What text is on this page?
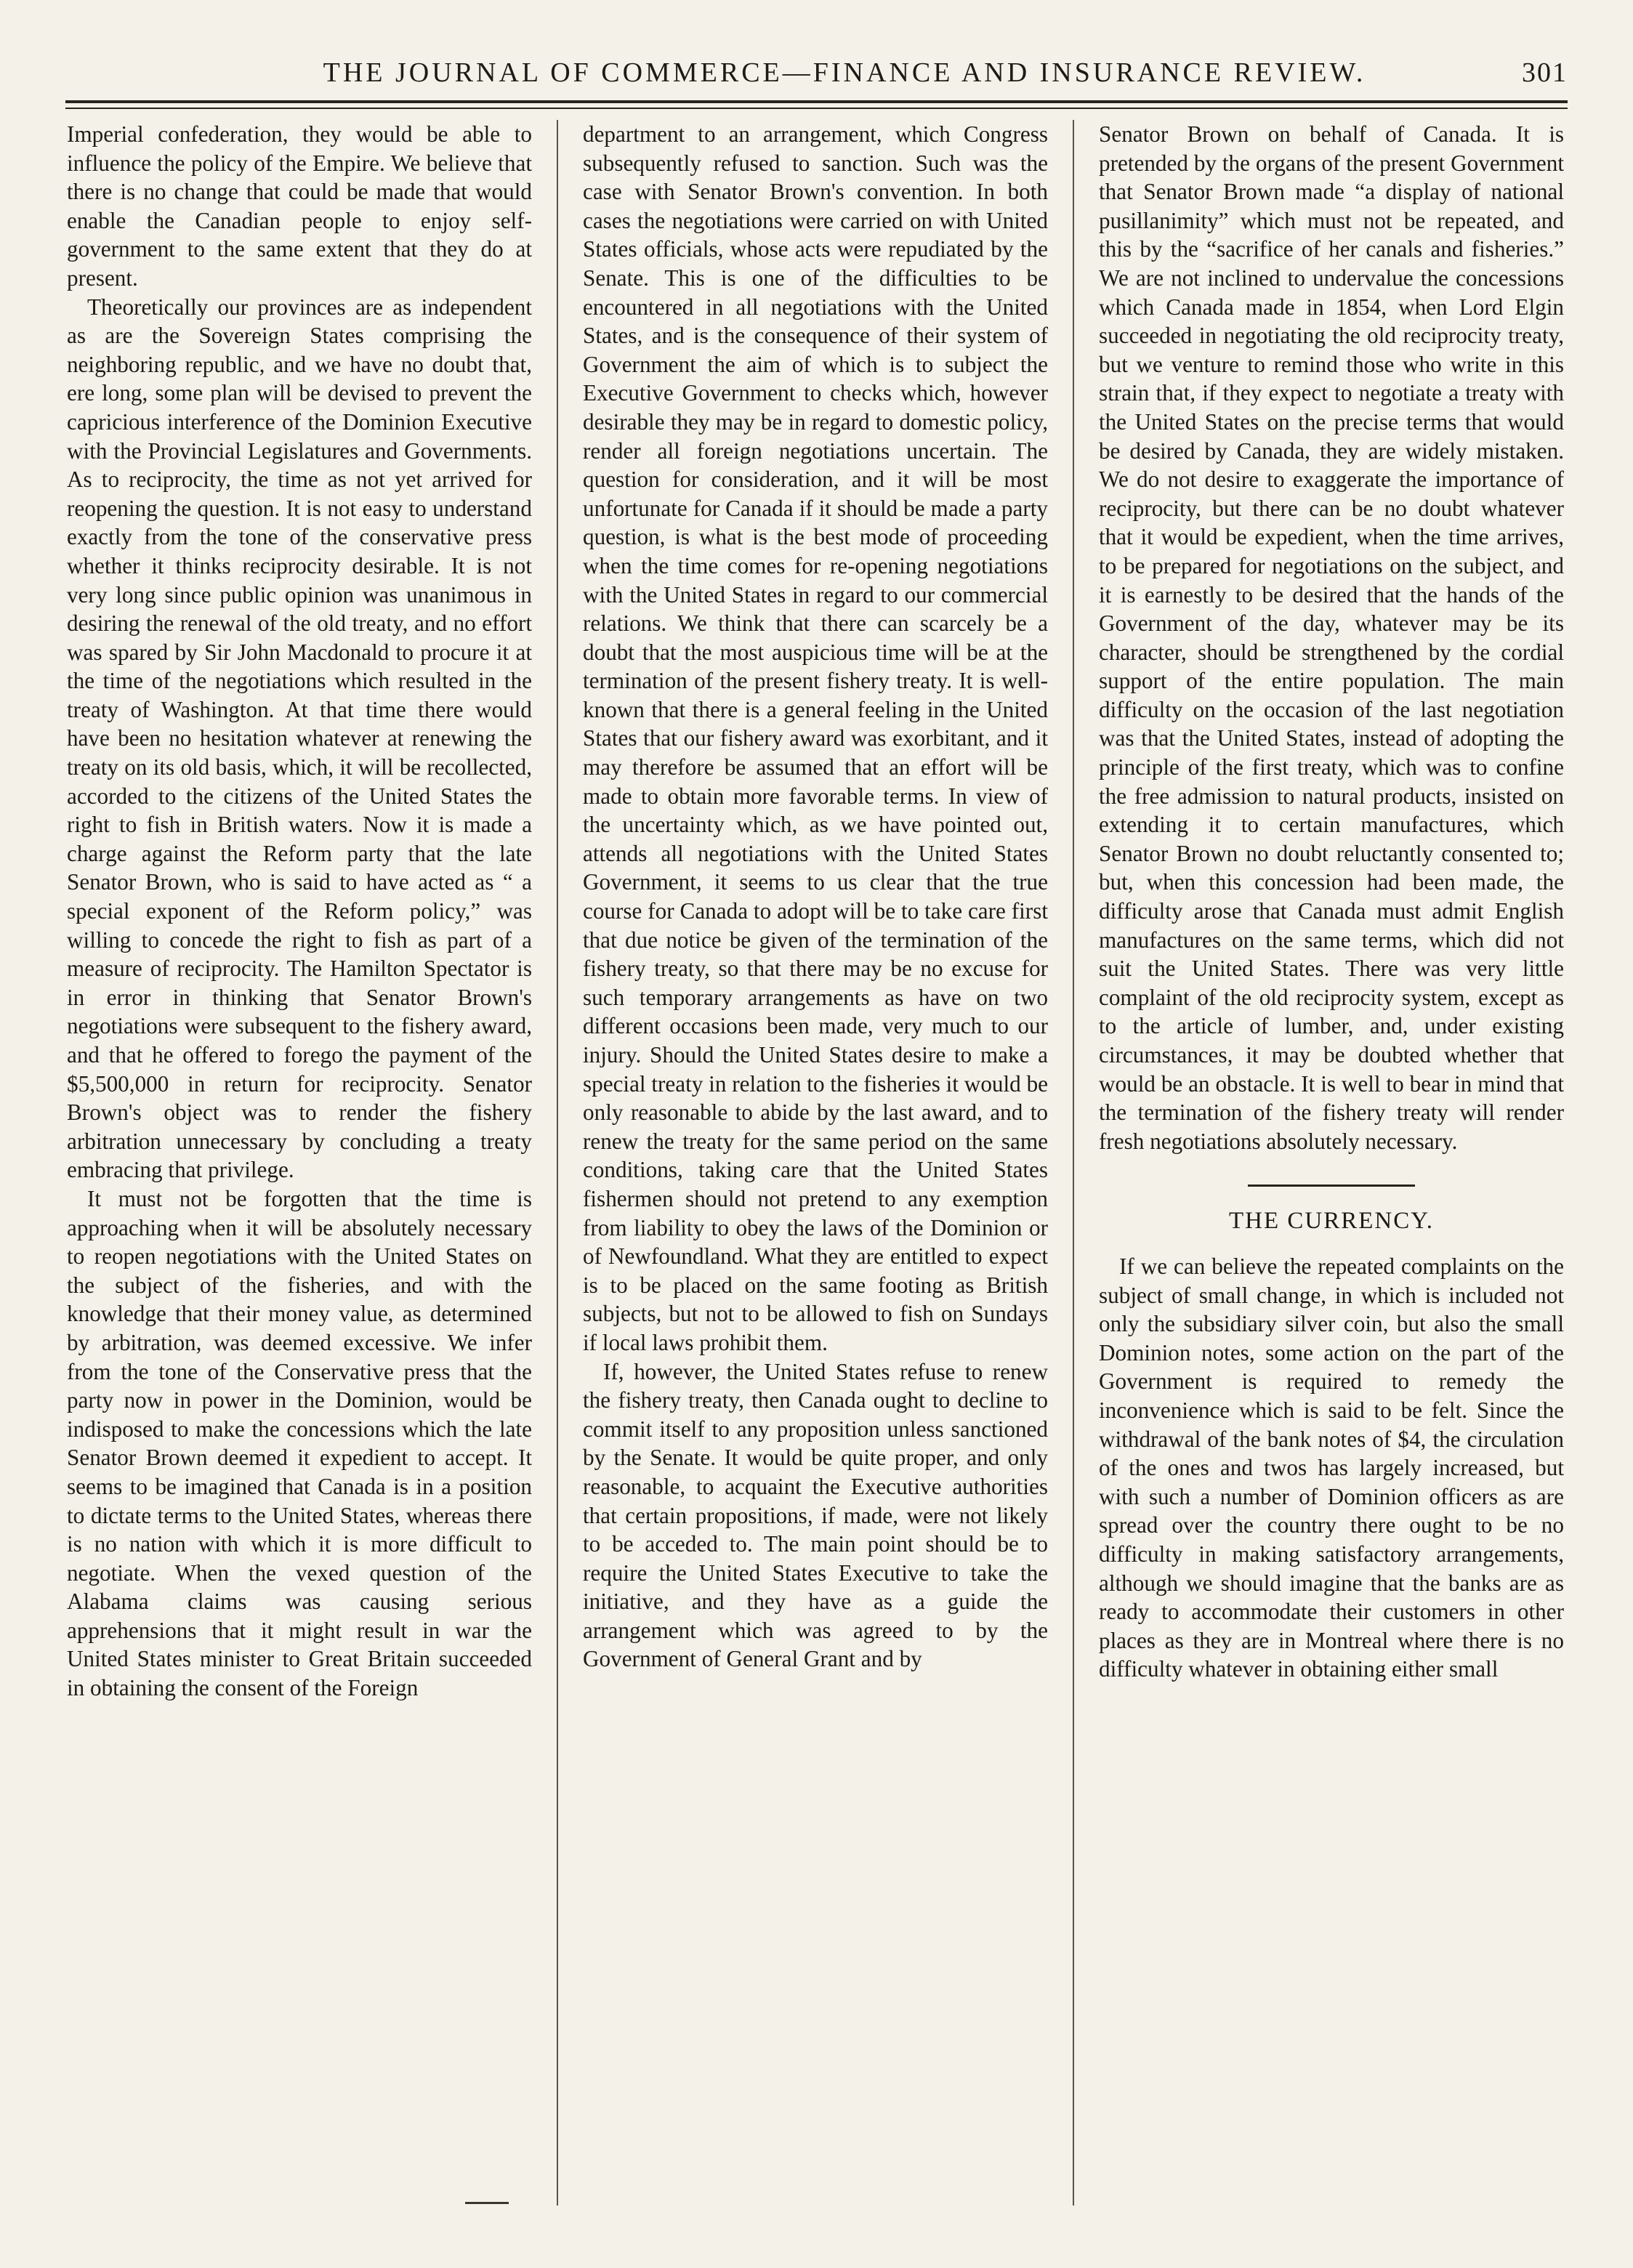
THE JOURNAL OF COMMERCE—FINANCE AND INSURANCE REVIEW.	301

Imperial confederation, they would be able to influence the policy of the Empire. We believe that there is no change that could be made that would enable the Canadian people to enjoy self-government to the same extent that they do at present.

Theoretically our provinces are as independent as are the Sovereign States comprising the neighboring republic, and we have no doubt that, ere long, some plan will be devised to prevent the capricious interference of the Dominion Executive with the Provincial Legislatures and Governments. As to reciprocity, the time as not yet arrived for reopening the question. It is not easy to understand exactly from the tone of the conservative press whether it thinks reciprocity desirable. It is not very long since public opinion was unanimous in desiring the renewal of the old treaty, and no effort was spared by Sir John Macdonald to procure it at the time of the negotiations which resulted in the treaty of Washington. At that time there would have been no hesitation whatever at renewing the treaty on its old basis, which, it will be recollected, accorded to the citizens of the United States the right to fish in British waters. Now it is made a charge against the Reform party that the late Senator Brown, who is said to have acted as “ a special exponent of the Reform policy,” was willing to concede the right to fish as part of a measure of reciprocity. The Hamilton Spectator is in error in thinking that Senator Brown's negotiations were subsequent to the fishery award, and that he offered to forego the payment of the $5,500,000 in return for reciprocity. Senator Brown's object was to render the fishery arbitration unnecessary by concluding a treaty embracing that privilege.

It must not be forgotten that the time is approaching when it will be absolutely necessary to reopen negotiations with the United States on the subject of the fisheries, and with the knowledge that their money value, as determined by arbitration, was deemed excessive. We infer from the tone of the Conservative press that the party now in power in the Dominion, would be indisposed to make the concessions which the late Senator Brown deemed it expedient to accept. It seems to be imagined that Canada is in a position to dictate terms to the United States, whereas there is no nation with which it is more difficult to negotiate. When the vexed question of the Alabama claims was causing serious apprehensions that it might result in war the United States minister to Great Britain succeeded in obtaining the consent of the Foreign

department to an arrangement, which Congress subsequently refused to sanction. Such was the case with Senator Brown's convention. In both cases the negotiations were carried on with United States officials, whose acts were repudiated by the Senate. This is one of the difficulties to be encountered in all negotiations with the United States, and is the consequence of their system of Government the aim of which is to subject the Executive Government to checks which, however desirable they may be in regard to domestic policy, render all foreign negotiations uncertain. The question for consideration, and it will be most unfortunate for Canada if it should be made a party question, is what is the best mode of proceeding when the time comes for re-opening negotiations with the United States in regard to our commercial relations. We think that there can scarcely be a doubt that the most auspicious time will be at the termination of the present fishery treaty. It is well-known that there is a general feeling in the United States that our fishery award was exorbitant, and it may therefore be assumed that an effort will be made to obtain more favorable terms. In view of the uncertainty which, as we have pointed out, attends all negotiations with the United States Government, it seems to us clear that the true course for Canada to adopt will be to take care first that due notice be given of the termination of the fishery treaty, so that there may be no excuse for such temporary arrangements as have on two different occasions been made, very much to our injury. Should the United States desire to make a special treaty in relation to the fisheries it would be only reasonable to abide by the last award, and to renew the treaty for the same period on the same conditions, taking care that the United States fishermen should not pretend to any exemption from liability to obey the laws of the Dominion or of Newfoundland. What they are entitled to expect is to be placed on the same footing as British subjects, but not to be allowed to fish on Sundays if local laws prohibit them.

If, however, the United States refuse to renew the fishery treaty, then Canada ought to decline to commit itself to any proposition unless sanctioned by the Senate. It would be quite proper, and only reasonable, to acquaint the Executive authorities that certain propositions, if made, were not likely to be acceded to. The main point should be to require the United States Executive to take the initiative, and they have as a guide the arrangement which was agreed to by the Government of General Grant and by

Senator Brown on behalf of Canada. It is pretended by the organs of the present Government that Senator Brown made “a display of national pusillanimity” which must not be repeated, and this by the “sacrifice of her canals and fisheries.” We are not inclined to undervalue the concessions which Canada made in 1854, when Lord Elgin succeeded in negotiating the old reciprocity treaty, but we venture to remind those who write in this strain that, if they expect to negotiate a treaty with the United States on the precise terms that would be desired by Canada, they are widely mistaken. We do not desire to exaggerate the importance of reciprocity, but there can be no doubt whatever that it would be expedient, when the time arrives, to be prepared for negotiations on the subject, and it is earnestly to be desired that the hands of the Government of the day, whatever may be its character, should be strengthened by the cordial support of the entire population. The main difficulty on the occasion of the last negotiation was that the United States, instead of adopting the principle of the first treaty, which was to confine the free admission to natural products, insisted on extending it to certain manufactures, which Senator Brown no doubt reluctantly consented to; but, when this concession had been made, the difficulty arose that Canada must admit English manufactures on the same terms, which did not suit the United States. There was very little complaint of the old reciprocity system, except as to the article of lumber, and, under existing circumstances, it may be doubted whether that would be an obstacle. It is well to bear in mind that the termination of the fishery treaty will render fresh negotiations absolutely necessary.

THE CURRENCY.

If we can believe the repeated complaints on the subject of small change, in which is included not only the subsidiary silver coin, but also the small Dominion notes, some action on the part of the Government is required to remedy the inconvenience which is said to be felt. Since the withdrawal of the bank notes of $4, the circulation of the ones and twos has largely increased, but with such a number of Dominion officers as are spread over the country there ought to be no difficulty in making satisfactory arrangements, although we should imagine that the banks are as ready to accommodate their customers in other places as they are in Montreal where there is no difficulty whatever in obtaining either small
